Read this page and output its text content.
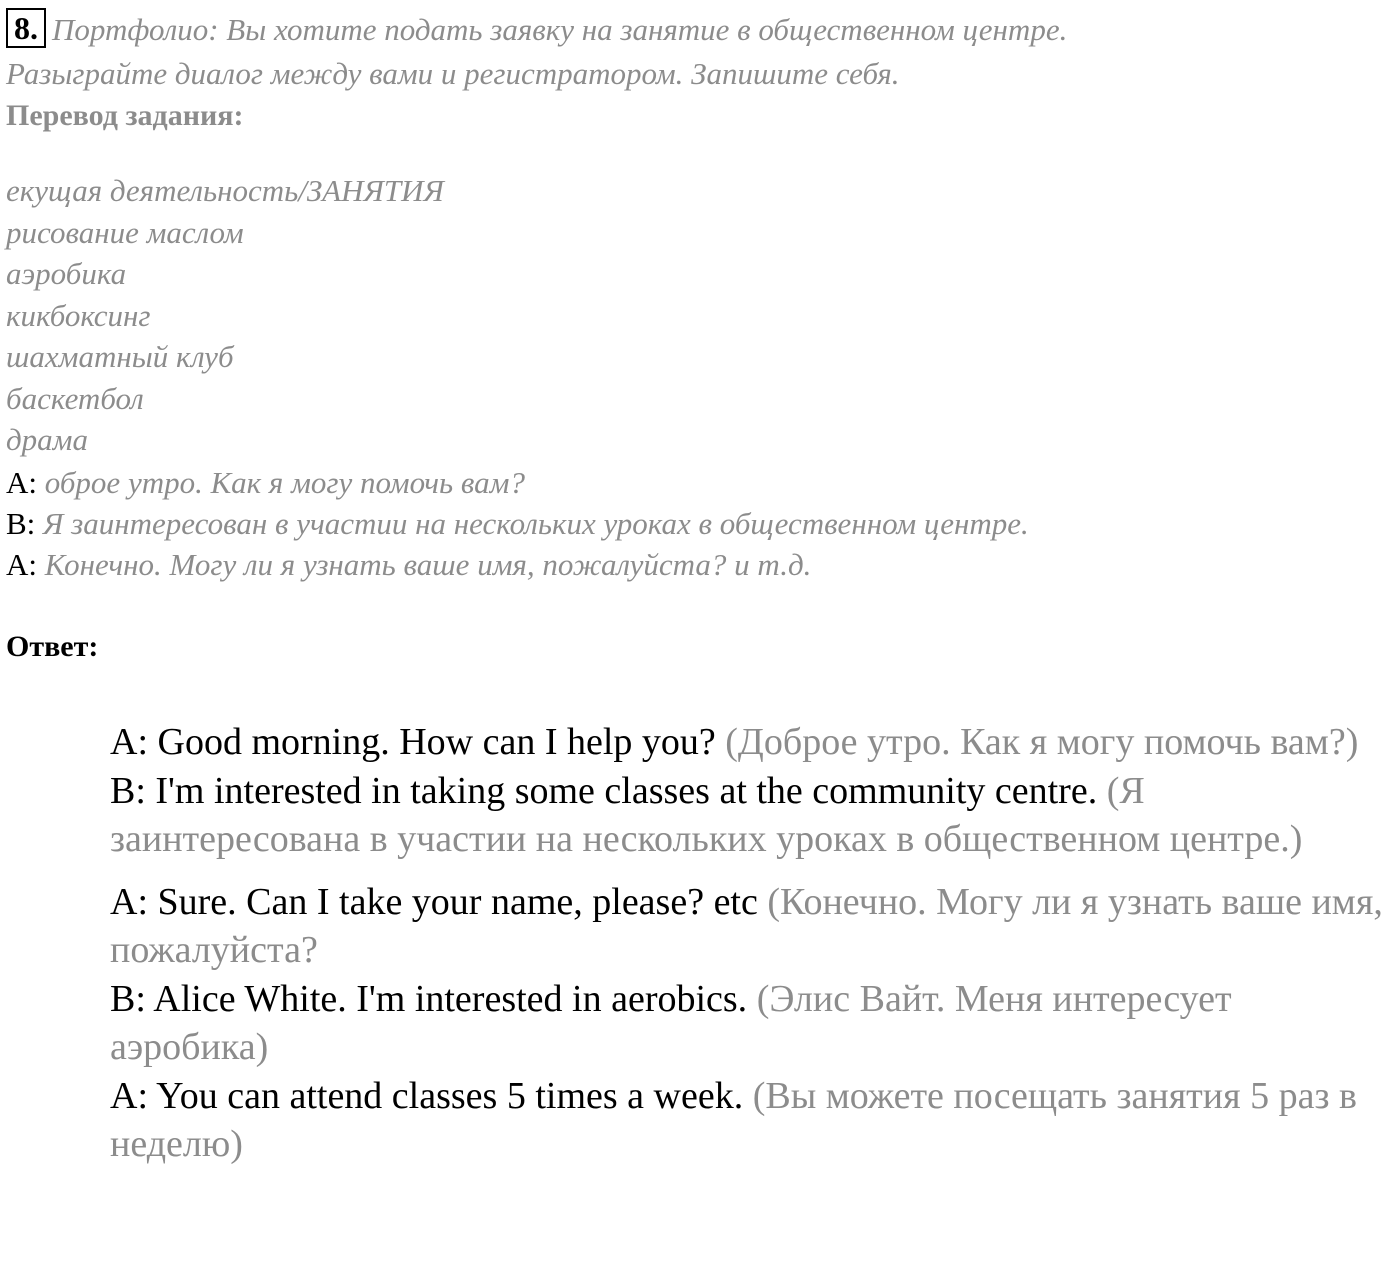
8. Портфолио: Вы хотите подать заявку на занятие в общественном центре.
Разыграйте диалог между вами и регистратором. Запишите себя.
Перевод задания:
екущая деятельность/ЗАНЯТИЯ
рисование маслом
аэробика
кикбоксинг
шахматный клуб
баскетбол
драма
A: оброе утро. Как я могу помочь вам?
B: Я заинтересован в участии на нескольких уроках в общественном центре.
A: Конечно. Могу ли я узнать ваше имя, пожалуйста? и т.д.
Ответ:

A: Good morning. How can I help you? (Доброе утро. Как я могу помочь вам?)

B: I'm interested in taking some classes at the community centre. (Я заинтересована в участии на нескольких уроках в общественном центре.)

A: Sure. Can I take your name, please? etc (Конечно. Могу ли я узнать ваше имя, пожалуйста?

B: Alice White. I'm interested in aerobics. (Элис Вайт. Меня интересует аэробика)

A: You can attend classes 5 times a week. (Вы можете посещать занятия 5 раз в неделю)
